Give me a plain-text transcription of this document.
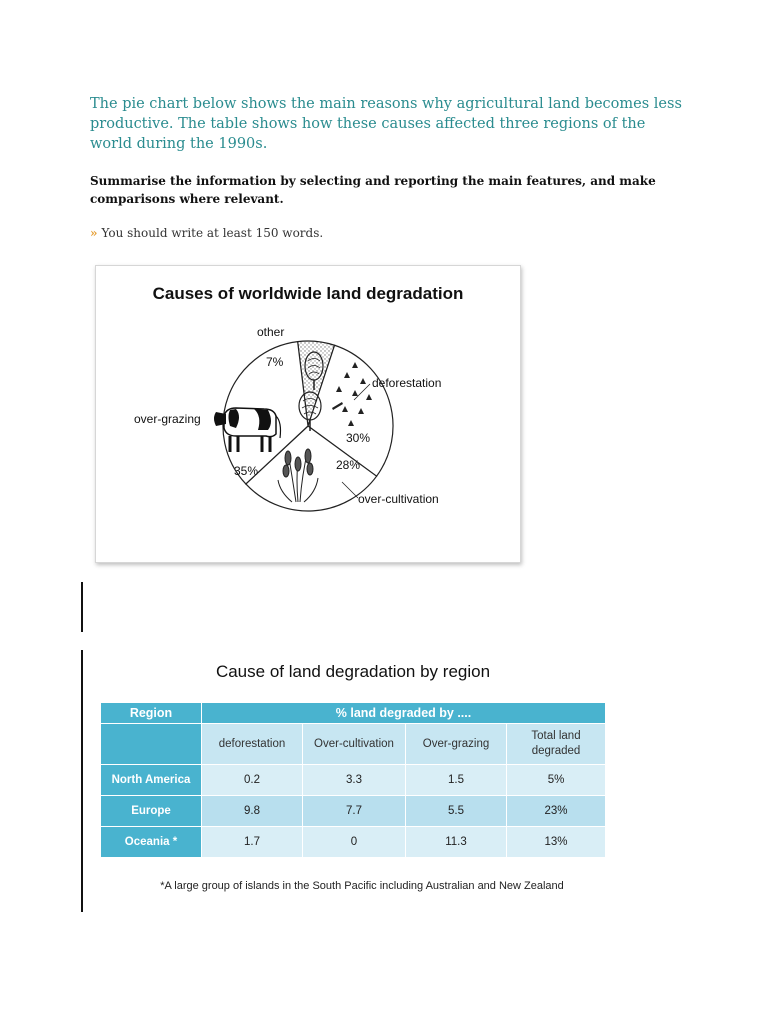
The pie chart below shows the main reasons why agricultural land becomes less productive. The table shows how these causes affected three regions of the world during the 1990s.
Summarise the information by selecting and reporting the main features, and make comparisons where relevant.
» You should write at least 150 words.
Causes of worldwide land degradation
other
deforestation
over-cultivation
over-grazing
7%
30%
28%
35%
Cause of land degradation by region
Region	% land degraded by ....			
	deforestation	Over-cultivation	Over-grazing	Total land degraded
North America	0.2	3.3	1.5	5%
Europe	9.8	7.7	5.5	23%
Oceania *	1.7	0	11.3	13%
*A large group of islands in the South Pacific including Australian and New Zealand
